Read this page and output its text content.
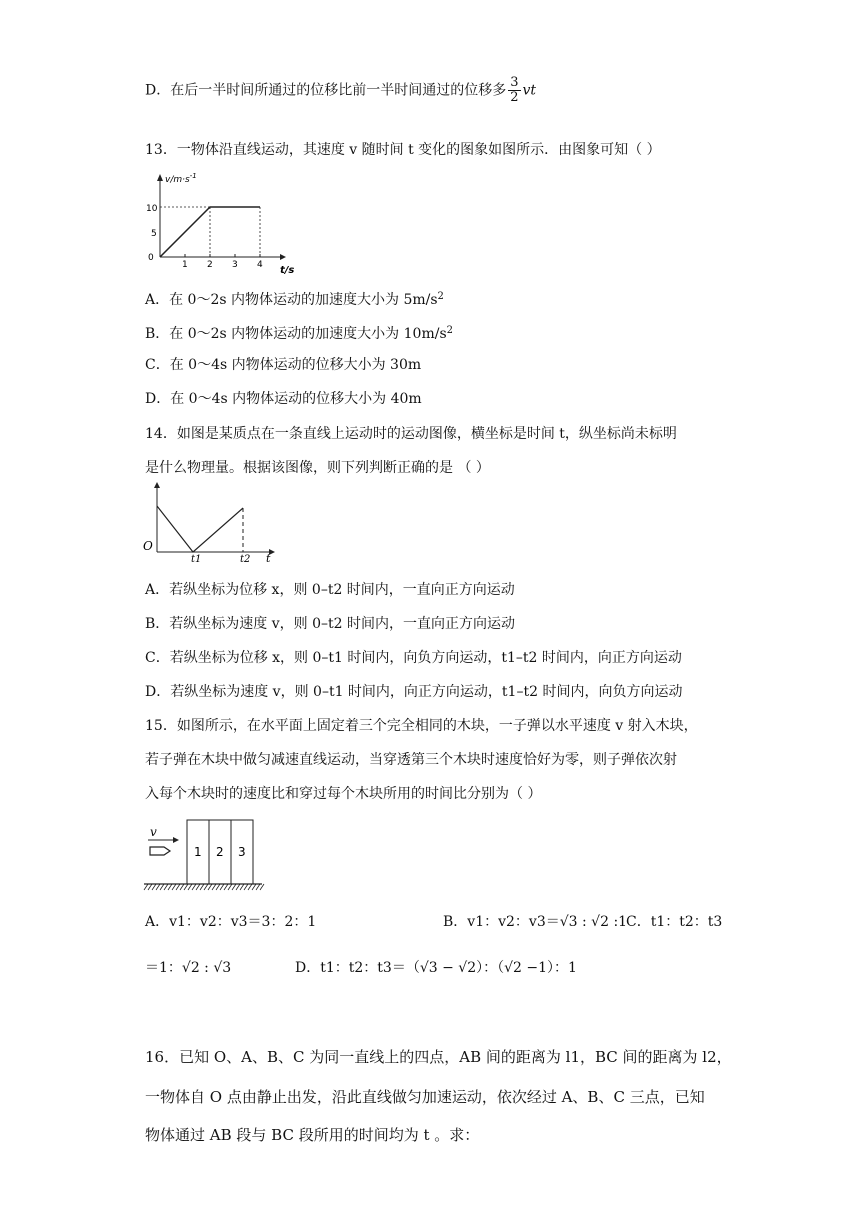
D．在后一半时间所通过的位移比前一半时间通过的位移多 $\frac{3}{2}$ vt
13．一物体沿直线运动，其速度 v 随时间 t 变化的图象如图所示．由图象可知（ ）
1 2 3 4
5
10
0
$v/m\cdot s^{-1}$
t/s
A．在 0～2s 内物体运动的加速度大小为 $5m/s^2$
B．在 0～2s 内物体运动的加速度大小为 $10m/s^2$
C．在 0～4s 内物体运动的位移大小为 30m
D．在 0～4s 内物体运动的位移大小为 40m
14．如图是某质点在一条直线上运动时的运动图像，横坐标是时间 t，纵坐标尚未标明
是什么物理量。根据该图像，则下列判断正确的是 （ ）
O
t1	t2 t
A．若纵坐标为位移 x，则 0–t2 时间内，一直向正方向运动
B．若纵坐标为速度 v，则 0–t2 时间内，一直向正方向运动
C．若纵坐标为位移 x，则 0–t1 时间内，向负方向运动，t1–t2 时间内，向正方向运动
D．若纵坐标为速度 v，则 0–t1 时间内，向正方向运动，t1–t2 时间内，向负方向运动
15．如图所示，在水平面上固定着三个完全相同的木块，一子弹以水平速度 v 射入木块，
若子弹在木块中做匀减速直线运动，当穿透第三个木块时速度恰好为零，则子弹依次射
入每个木块时的速度比和穿过每个木块所用的时间比分别为（ ）
v
1 2 3
A．v1：v2：v3＝3：2：1	B．v1：v2：v3＝√3 : √2 :1
C．t1：t2：t3
＝1：√2 : √3	D．t1：t2：t3＝（√3 − √2）：（√2 −1）：1
16．已知 O、A、B、C 为同一直线上的四点，AB 间的距离为 l1，BC 间的距离为 l2，
一物体自 O 点由静止出发，沿此直线做匀加速运动，依次经过 A、B、C 三点，已知
物体通过 AB 段与 BC 段所用的时间均为 t 。求：
